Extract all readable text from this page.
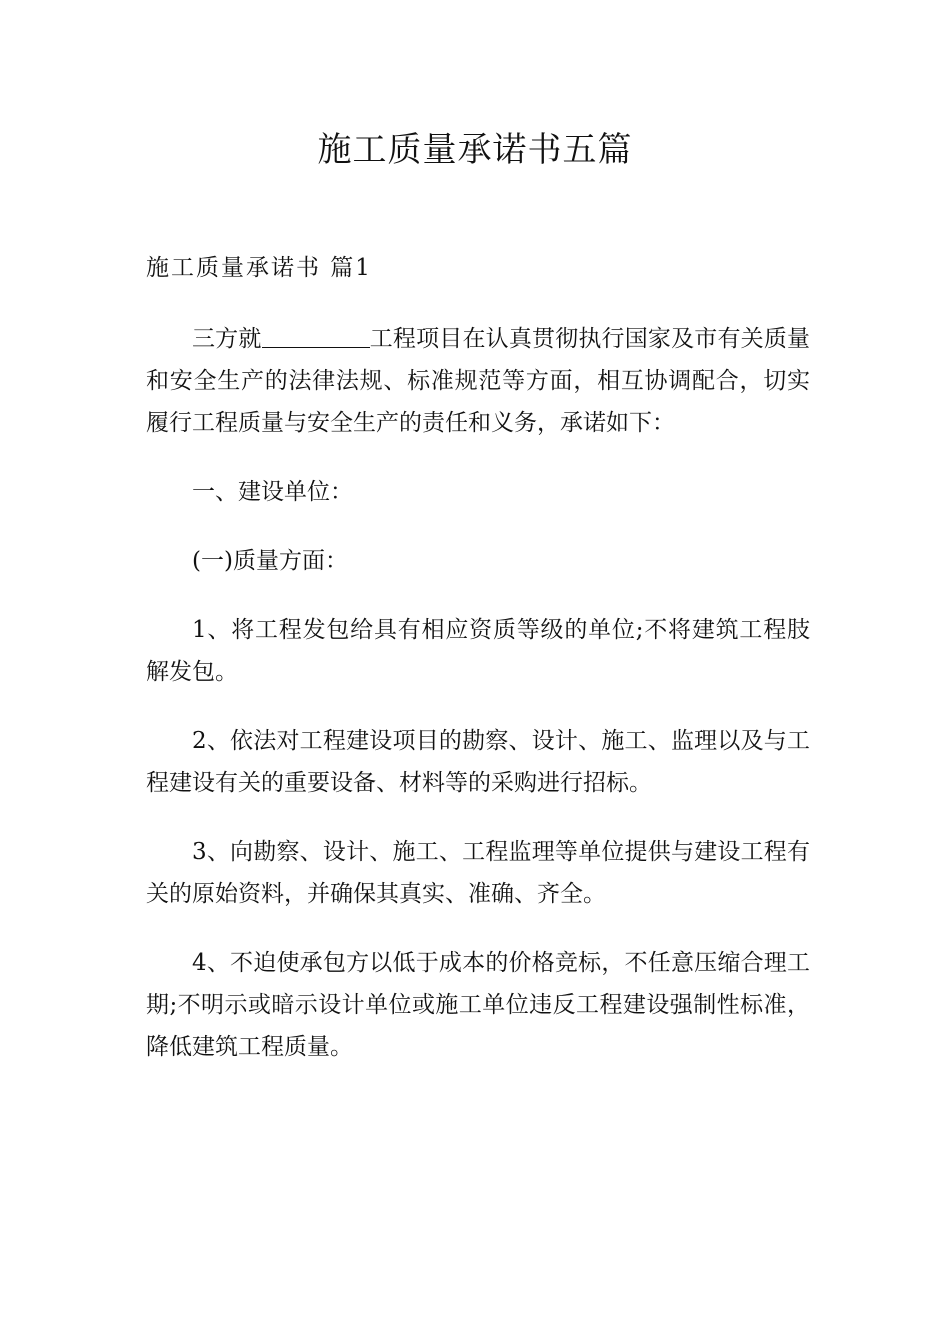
施工质量承诺书五篇
施工质量承诺书 篇1

三方就	工程项目在认真贯彻执行国家及市有关质量和安全生产的法律法规、标准规范等方面，相互协调配合，切实履行工程质量与安全生产的责任和义务，承诺如下：

一、建设单位：

(一)质量方面：

1、将工程发包给具有相应资质等级的单位;不将建筑工程肢解发包。

2、依法对工程建设项目的勘察、设计、施工、监理以及与工程建设有关的重要设备、材料等的采购进行招标。

3、向勘察、设计、施工、工程监理等单位提供与建设工程有关的原始资料，并确保其真实、准确、齐全。

4、不迫使承包方以低于成本的价格竞标，不任意压缩合理工期;不明示或暗示设计单位或施工单位违反工程建设强制性标准，降低建筑工程质量。
